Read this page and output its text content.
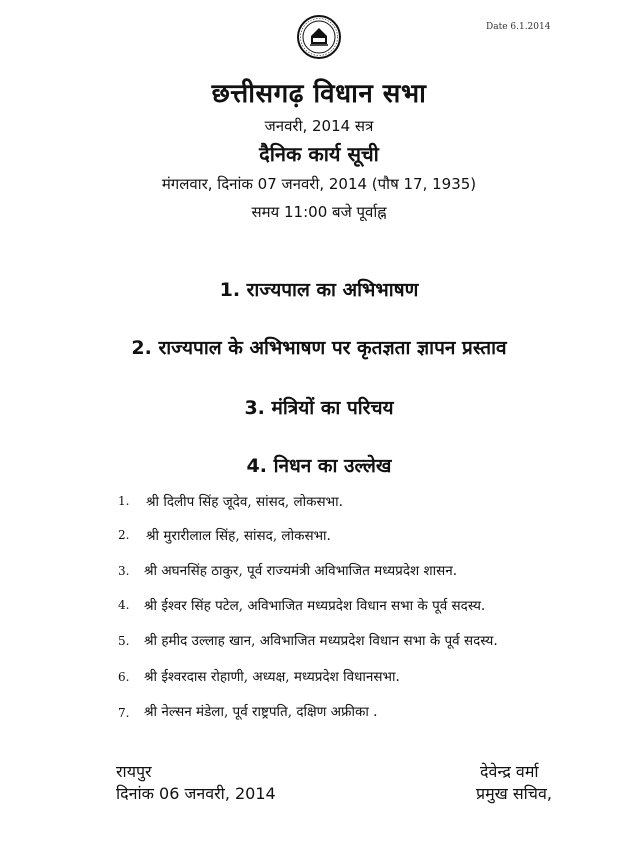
Date 6.1.2014
छत्तीसगढ़ विधान सभा
जनवरी, 2014 सत्र
दैनिक कार्य सूची
मंगलवार, दिनांक 07 जनवरी, 2014 (पौष 17, 1935)
समय 11:00 बजे पूर्वाह्न
1. राज्यपाल का अभिभाषण
2. राज्यपाल के अभिभाषण पर कृतज्ञता ज्ञापन प्रस्ताव
3. मंत्रियों का परिचय
4. निधन का उल्लेख
1.	श्री दिलीप सिंह जूदेव, सांसद, लोकसभा.
2.	श्री मुरारीलाल सिंह, सांसद, लोकसभा.
3.	श्री अघनसिंह ठाकुर, पूर्व राज्यमंत्री अविभाजित मध्यप्रदेश शासन.
4.	श्री ईश्वर सिंह पटेल, अविभाजित मध्यप्रदेश विधान सभा के पूर्व सदस्य.
5.	श्री हमीद उल्लाह खान, अविभाजित मध्यप्रदेश विधान सभा के पूर्व सदस्य.
6.	श्री ईश्वरदास रोहाणी, अध्यक्ष, मध्यप्रदेश विधानसभा.
7.	श्री नेल्सन मंडेला, पूर्व राष्ट्रपति, दक्षिण अफ्रीका .
रायपुर
दिनांक 06 जनवरी, 2014
देवेन्द्र वर्मा
प्रमुख सचिव,
